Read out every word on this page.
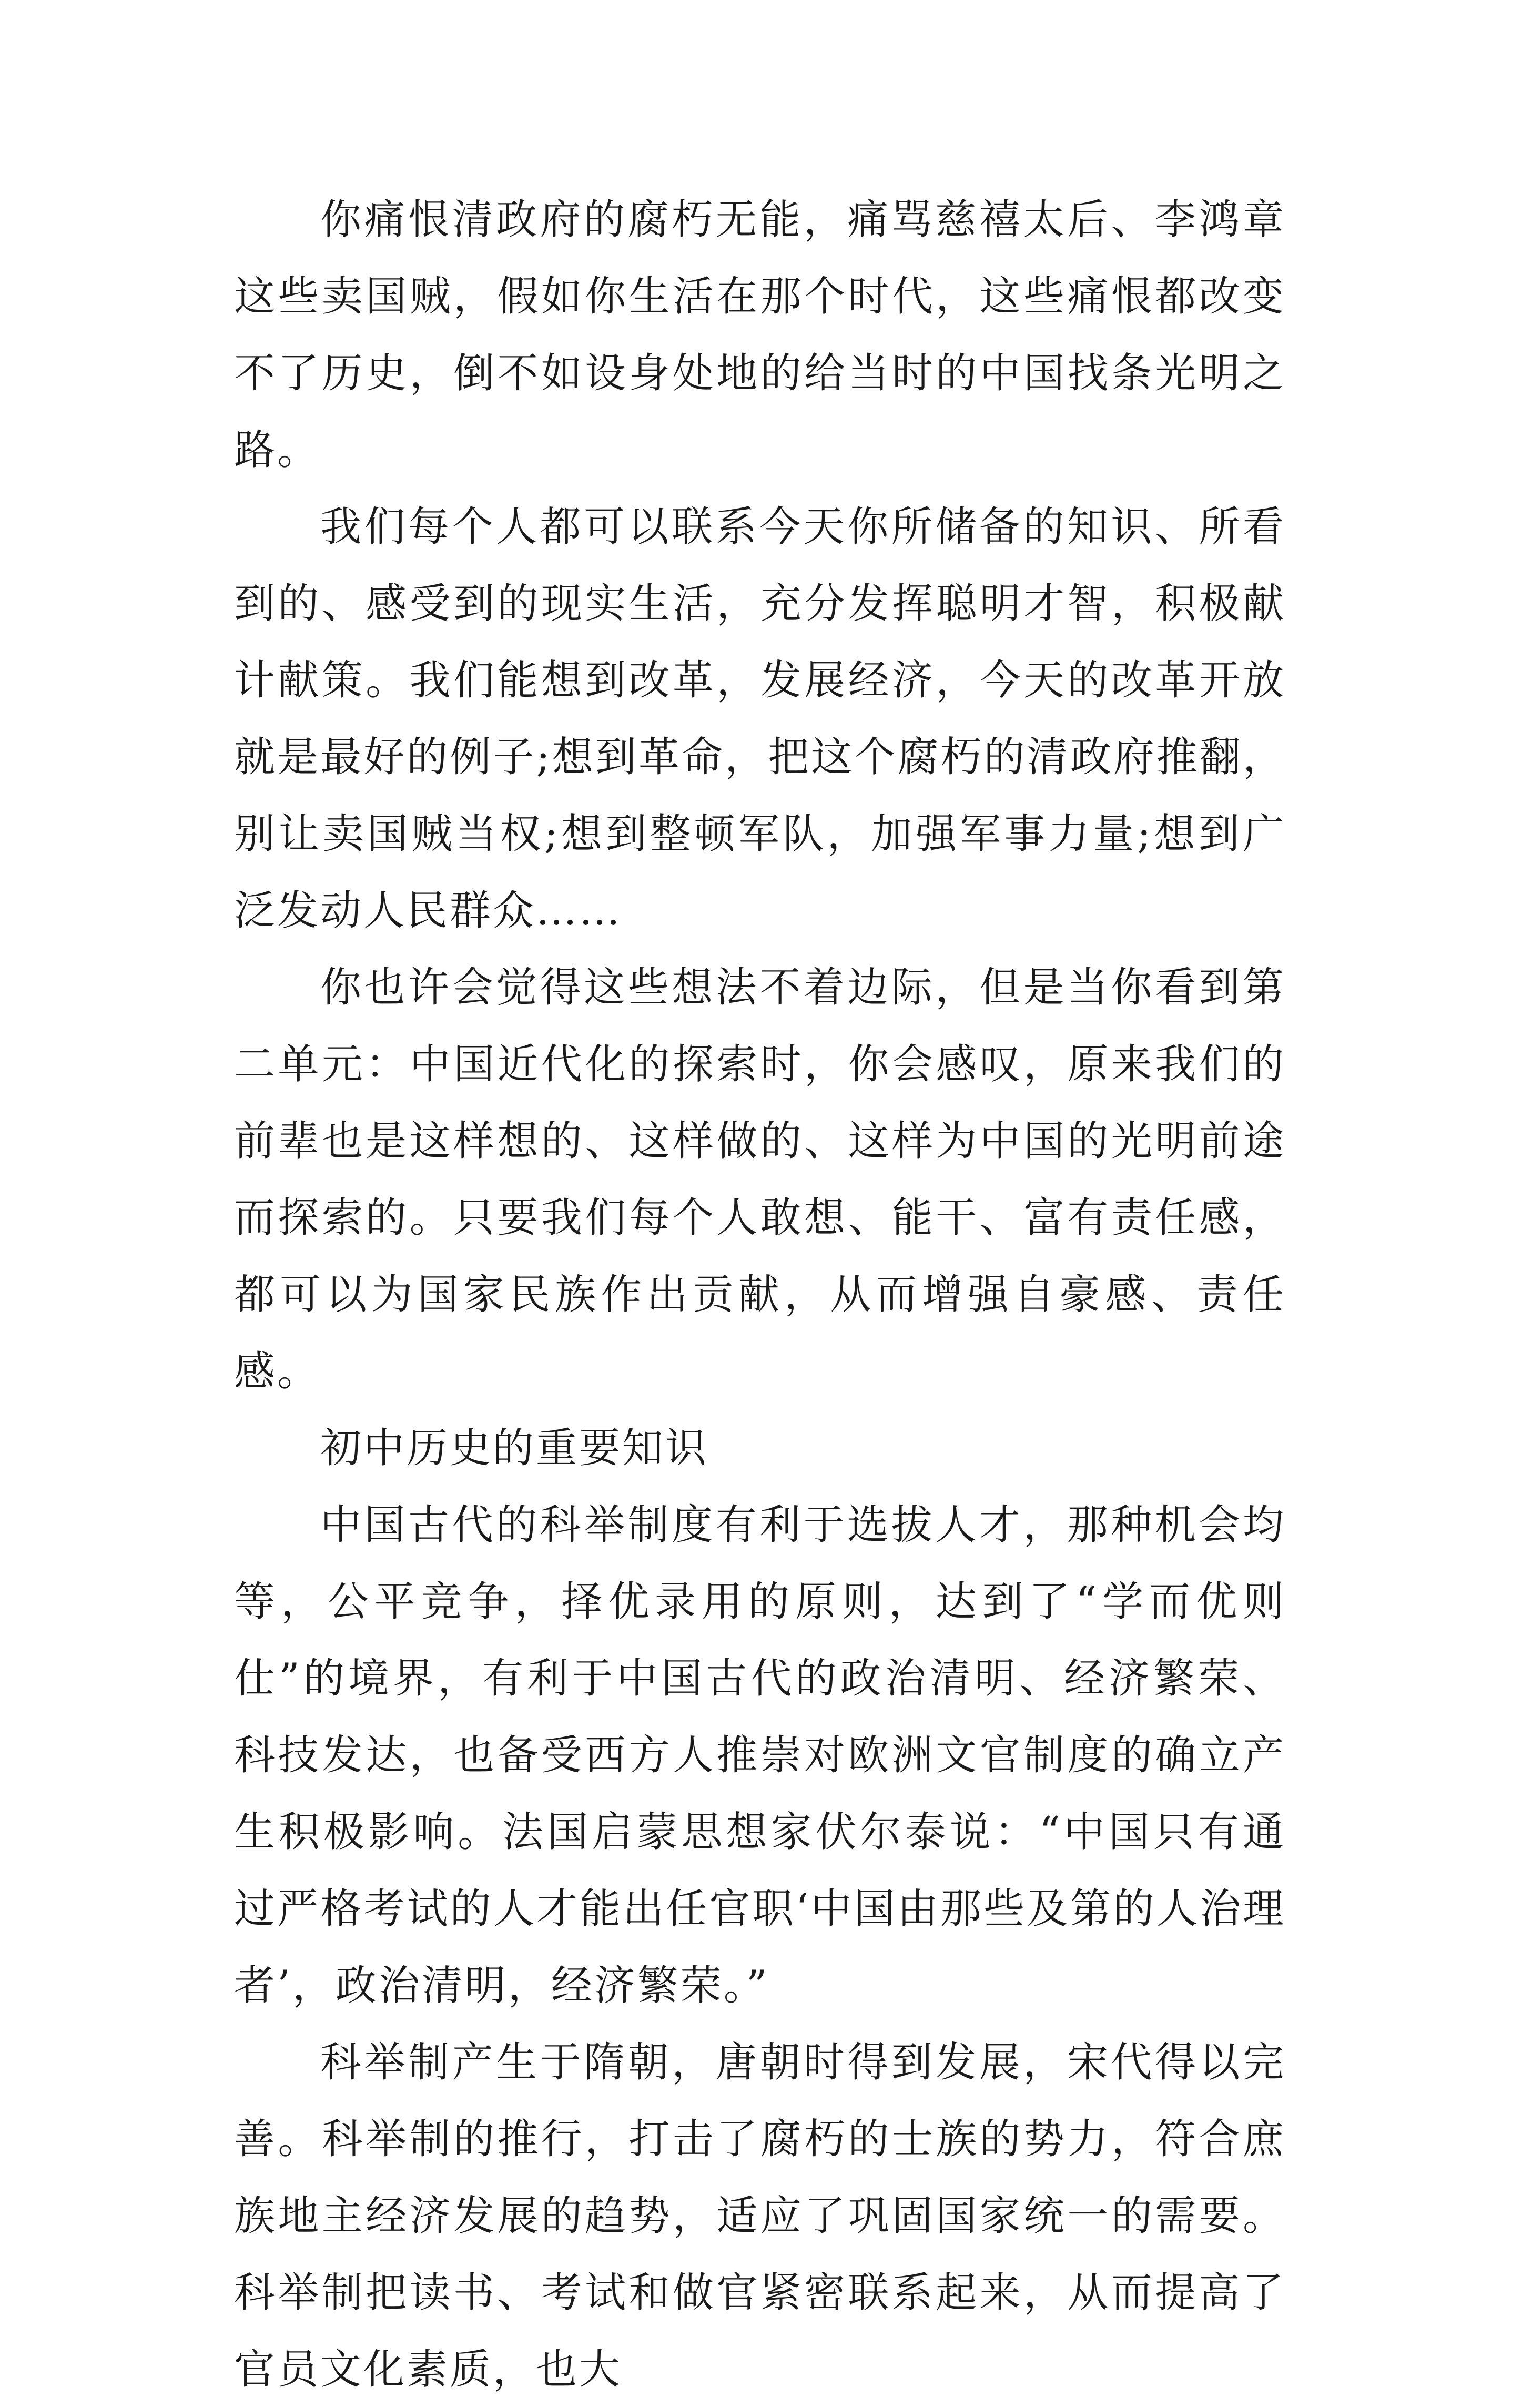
你痛恨清政府的腐朽无能，痛骂慈禧太后、李鸿章这些卖国贼，假如你生活在那个时代，这些痛恨都改变不了历史，倒不如设身处地的给当时的中国找条光明之路。

我们每个人都可以联系今天你所储备的知识、所看到的、感受到的现实生活，充分发挥聪明才智，积极献计献策。我们能想到改革，发展经济，今天的改革开放就是最好的例子;想到革命，把这个腐朽的清政府推翻，别让卖国贼当权;想到整顿军队，加强军事力量;想到广泛发动人民群众……

你也许会觉得这些想法不着边际，但是当你看到第二单元：中国近代化的探索时，你会感叹，原来我们的前辈也是这样想的、这样做的、这样为中国的光明前途而探索的。只要我们每个人敢想、能干、富有责任感，都可以为国家民族作出贡献，从而增强自豪感、责任感。

初中历史的重要知识

中国古代的科举制度有利于选拔人才，那种机会均等，公平竞争，择优录用的原则，达到了“学而优则仕”的境界，有利于中国古代的政治清明、经济繁荣、科技发达，也备受西方人推崇对欧洲文官制度的确立产生积极影响。法国启蒙思想家伏尔泰说：“中国只有通过严格考试的人才能出任官职‘中国由那些及第的人治理者’，政治清明，经济繁荣。”

科举制产生于隋朝，唐朝时得到发展，宋代得以完善。科举制的推行，打击了腐朽的士族的势力，符合庶族地主经济发展的趋势，适应了巩固国家统一的需要。科举制把读书、考试和做官紧密联系起来，从而提高了官员文化素质，也大
